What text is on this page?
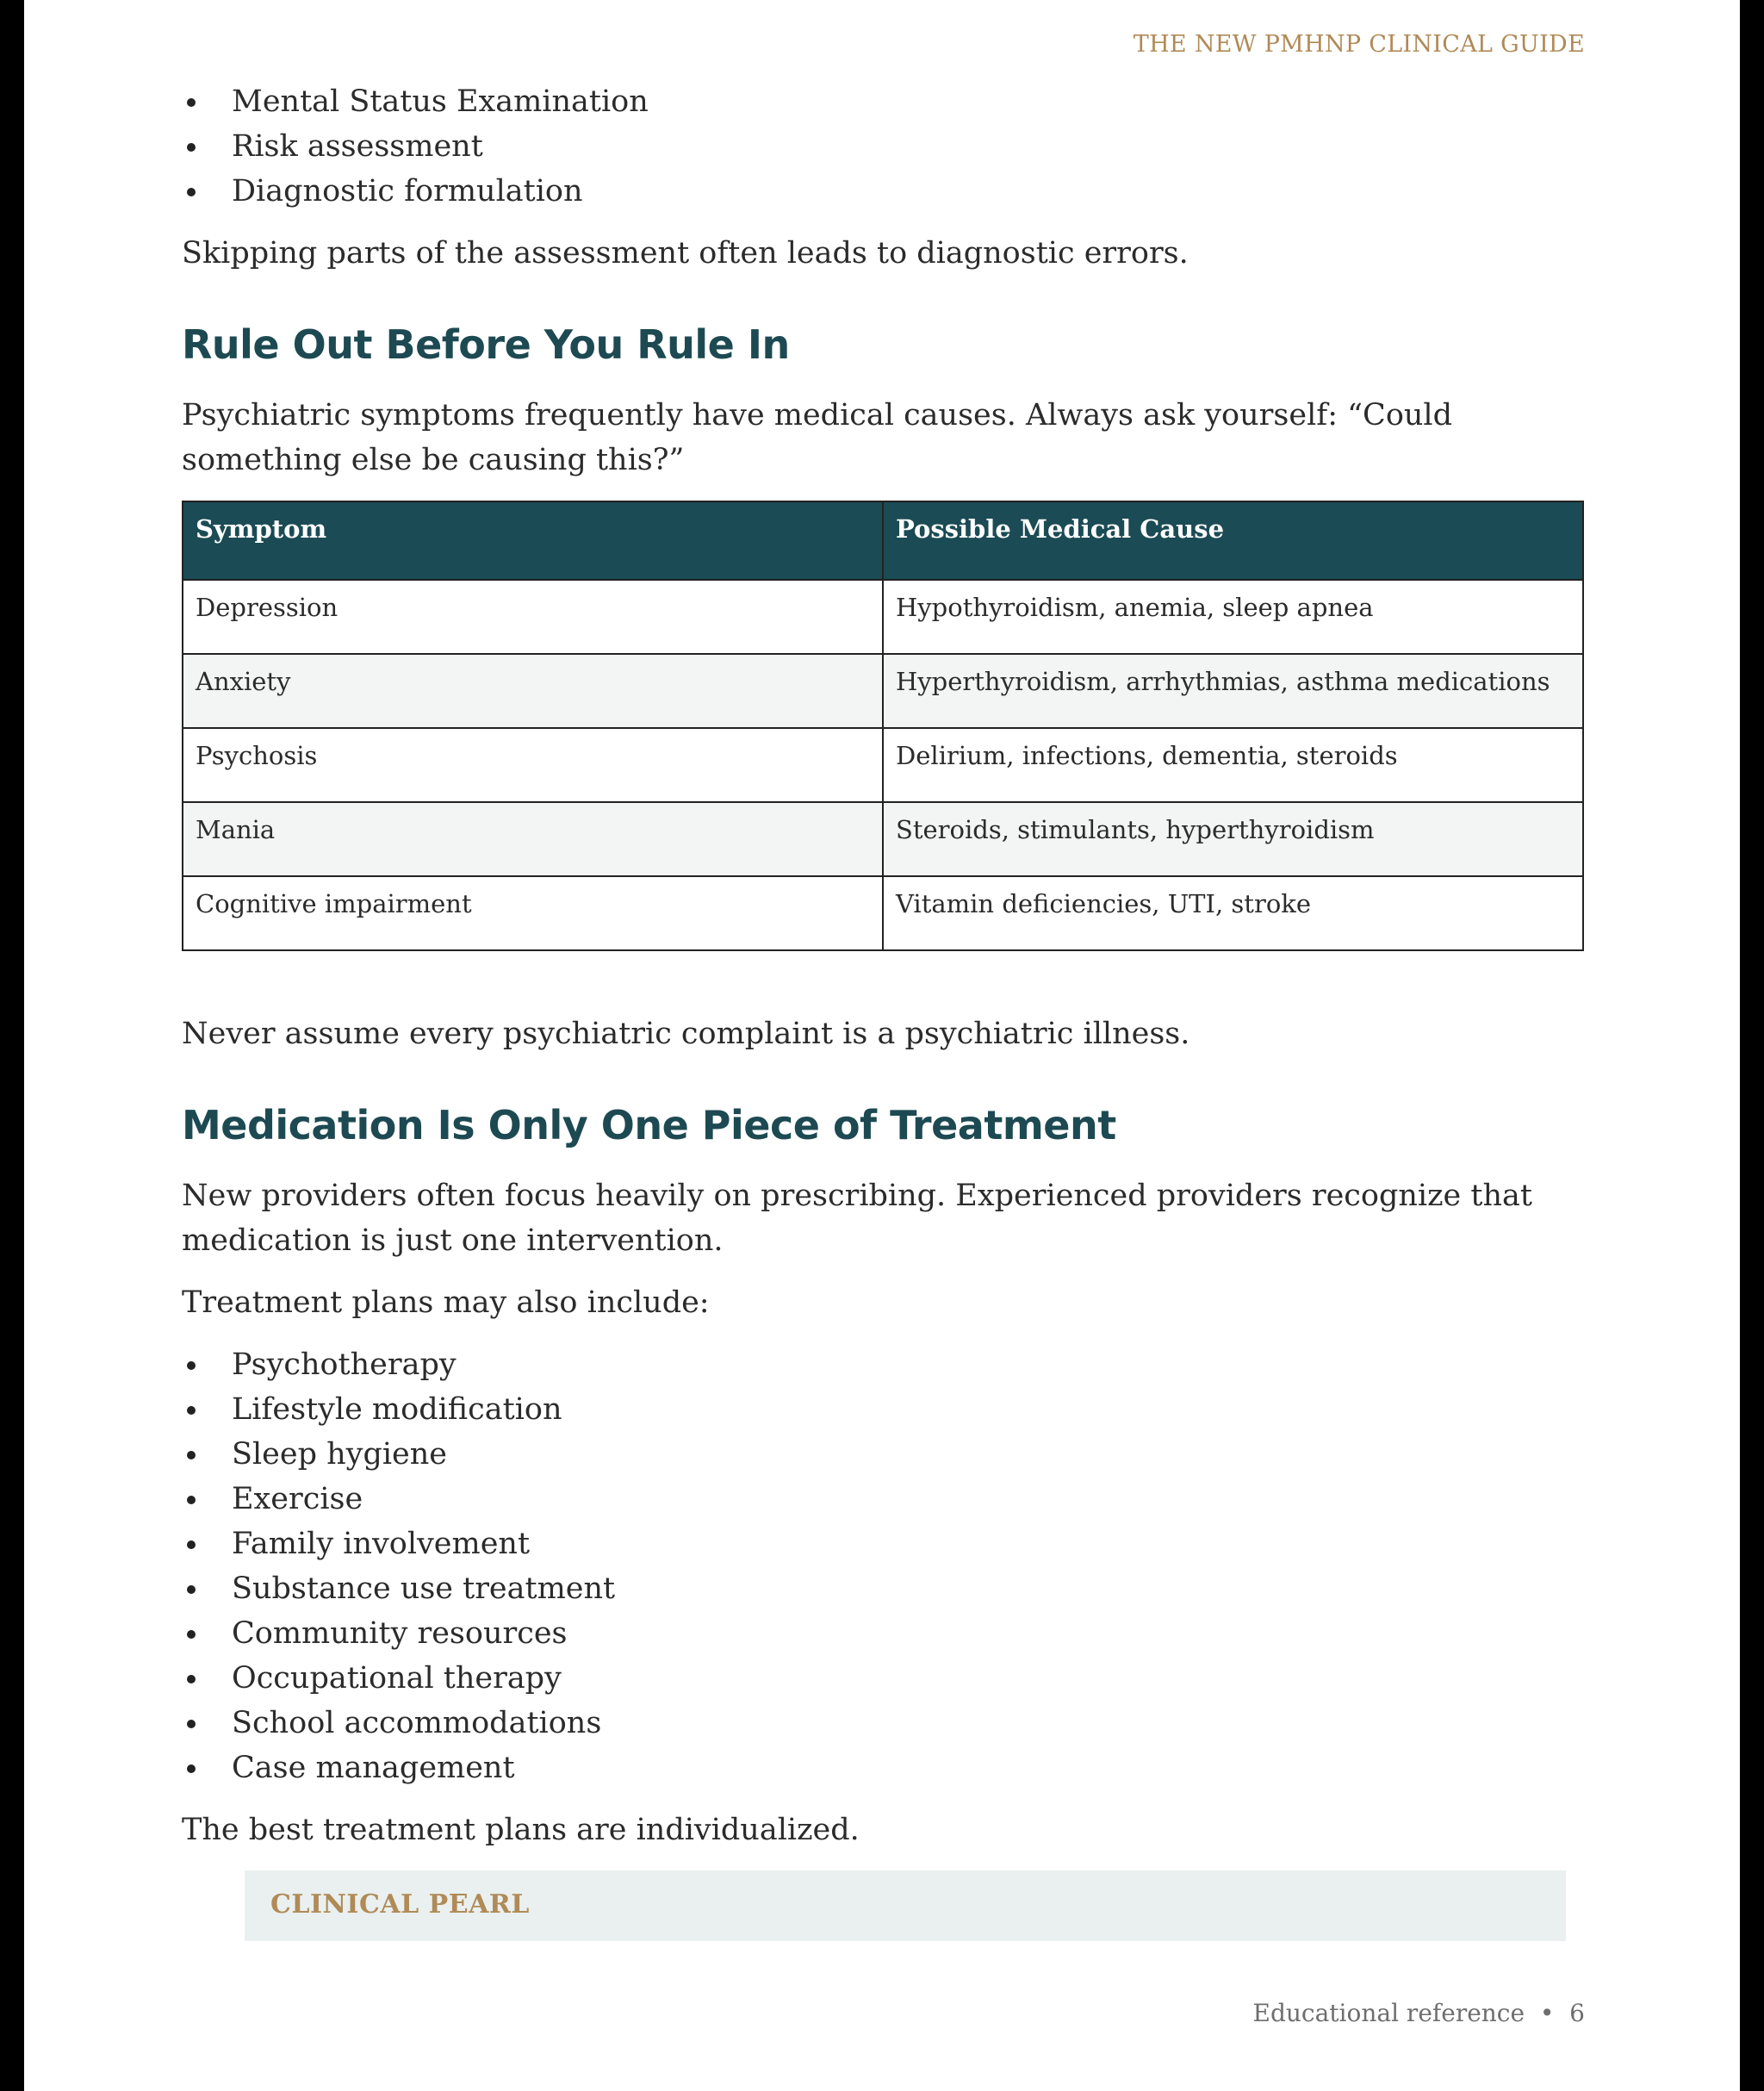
THE NEW PMHNP CLINICAL GUIDE
Mental Status Examination
Risk assessment
Diagnostic formulation

Skipping parts of the assessment often leads to diagnostic errors.

Rule Out Before You Rule In

Psychiatric symptoms frequently have medical causes. Always ask yourself: “Could something else be causing this?”

Symptom	Possible Medical Cause
Depression	Hypothyroidism, anemia, sleep apnea
Anxiety	Hyperthyroidism, arrhythmias, asthma medications
Psychosis	Delirium, infections, dementia, steroids
Mania	Steroids, stimulants, hyperthyroidism
Cognitive impairment	Vitamin deficiencies, UTI, stroke

Never assume every psychiatric complaint is a psychiatric illness.

Medication Is Only One Piece of Treatment

New providers often focus heavily on prescribing. Experienced providers recognize that medication is just one intervention.

Treatment plans may also include:

Psychotherapy
Lifestyle modification
Sleep hygiene
Exercise
Family involvement
Substance use treatment
Community resources
Occupational therapy
School accommodations
Case management

The best treatment plans are individualized.

CLINICAL PEARL
Educational reference  •  6
